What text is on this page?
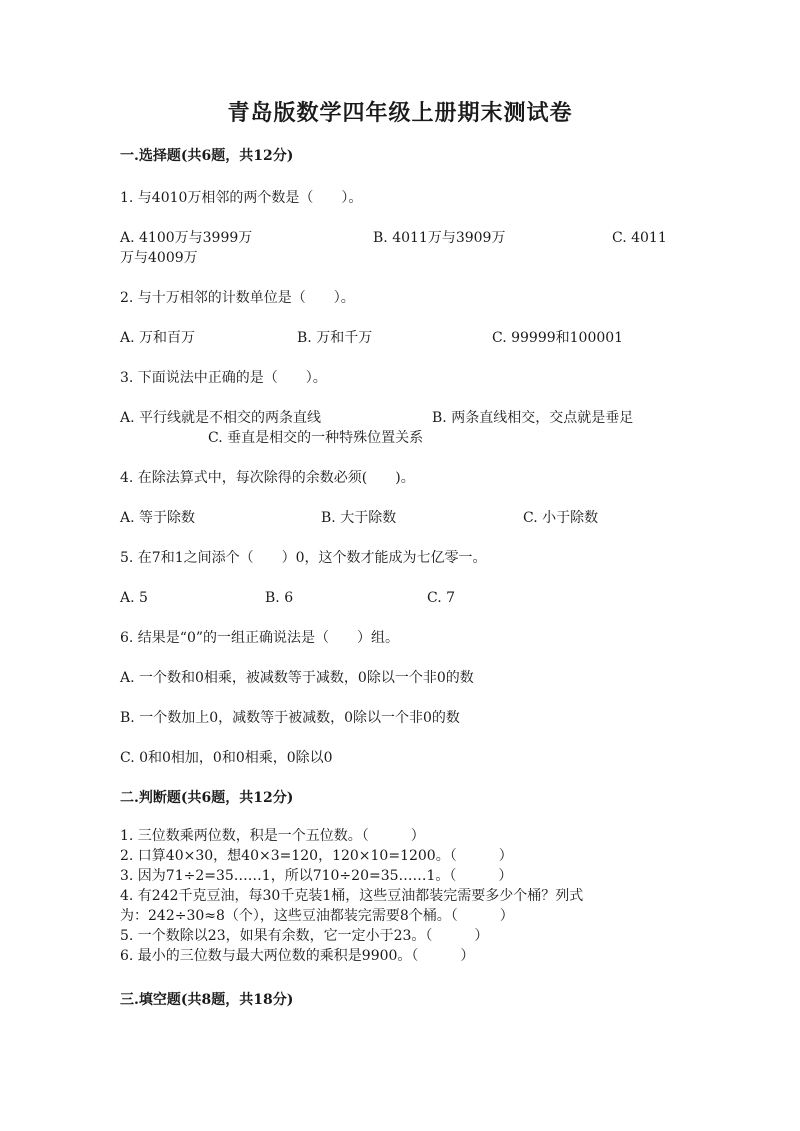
青岛版数学四年级上册期末测试卷
一.选择题(共6题，共12分)
1. 与4010万相邻的两个数是（　　）。
A. 4100万与3999万	B. 4011万与3909万	C. 4011
万与4009万
2. 与十万相邻的计数单位是（　　）。
A. 万和百万	B. 万和千万	C. 99999和100001
3. 下面说法中正确的是（　　）。
A. 平行线就是不相交的两条直线	B. 两条直线相交，交点就是垂足
C. 垂直是相交的一种特殊位置关系
4. 在除法算式中，每次除得的余数必须(　　)。
A. 等于除数	B. 大于除数	C. 小于除数
5. 在7和1之间添个（　　）0，这个数才能成为七亿零一。
A. 5	B. 6	C. 7
6. 结果是“0”的一组正确说法是（　　）组。
A. 一个数和0相乘，被减数等于减数，0除以一个非0的数
B. 一个数加上0，减数等于被减数，0除以一个非0的数
C. 0和0相加，0和0相乘，0除以0
二.判断题(共6题，共12分)
1. 三位数乘两位数，积是一个五位数。（　　　）
2. 口算40×30，想40×3=120，120×10=1200。（　　　）
3. 因为71÷2=35……1，所以710÷20=35……1。（　　　）
4. 有242千克豆油，每30千克装1桶，这些豆油都装完需要多少个桶？列式
为：242÷30≈8（个），这些豆油都装完需要8个桶。（　　　）
5. 一个数除以23，如果有余数，它一定小于23。（　　　）
6. 最小的三位数与最大两位数的乘积是9900。（　　　）
三.填空题(共8题，共18分)
